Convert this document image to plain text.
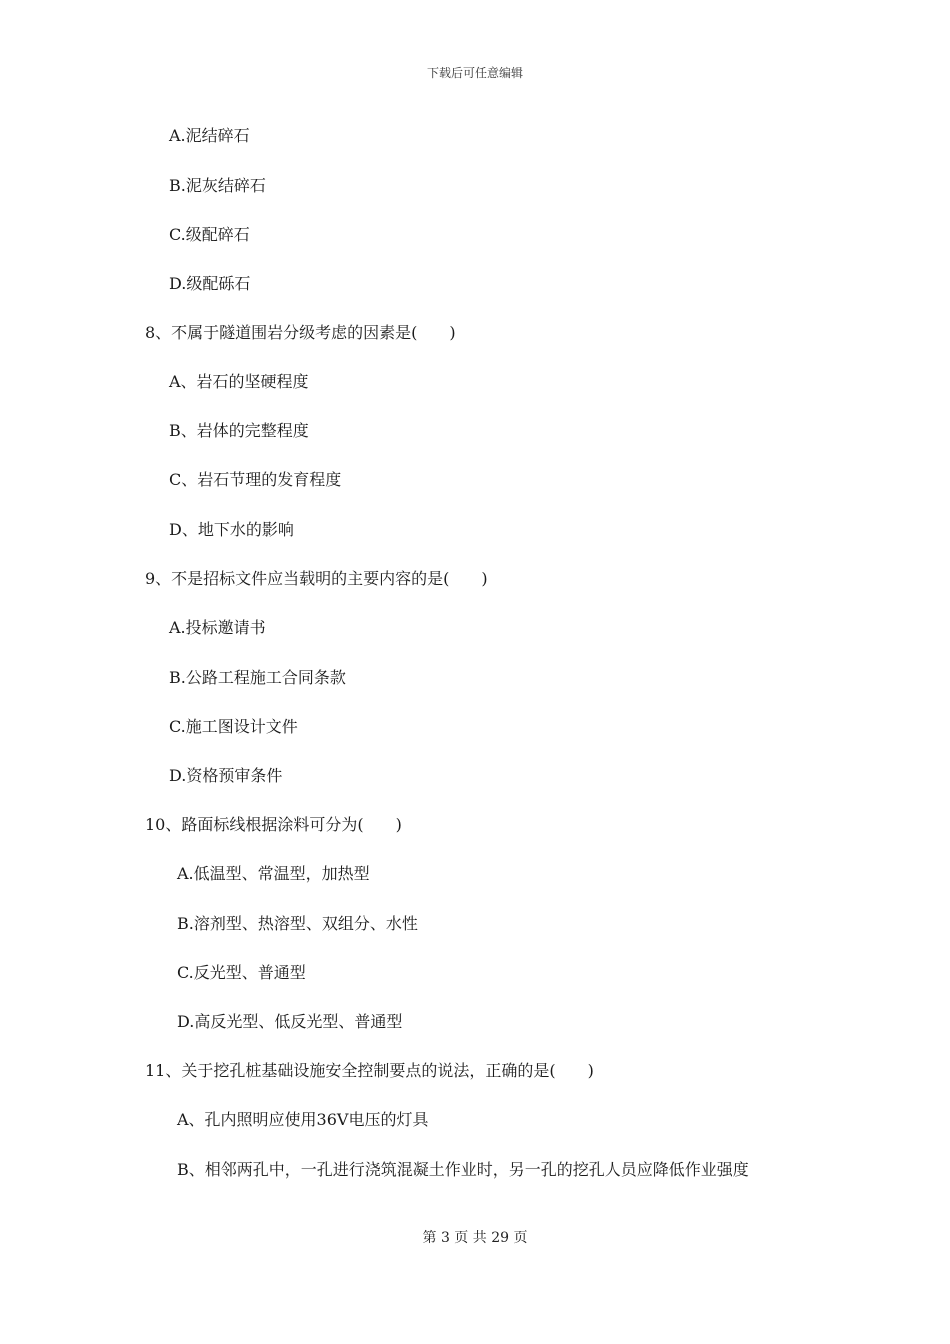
下载后可任意编辑
A.泥结碎石
B.泥灰结碎石
C.级配碎石
D.级配砾石
8、不属于隧道围岩分级考虑的因素是(　　)
A、岩石的坚硬程度
B、岩体的完整程度
C、岩石节理的发育程度
D、地下水的影响
9、不是招标文件应当载明的主要内容的是(　　)
A.投标邀请书
B.公路工程施工合同条款
C.施工图设计文件
D.资格预审条件
10、路面标线根据涂料可分为(　　)
A.低温型、常温型，加热型
B.溶剂型、热溶型、双组分、水性
C.反光型、普通型
D.高反光型、低反光型、普通型
11、关于挖孔桩基础设施安全控制要点的说法，正确的是(　　)
A、孔内照明应使用36V电压的灯具
B、相邻两孔中，一孔进行浇筑混凝土作业时，另一孔的挖孔人员应降低作业强度
第 3 页 共 29 页
